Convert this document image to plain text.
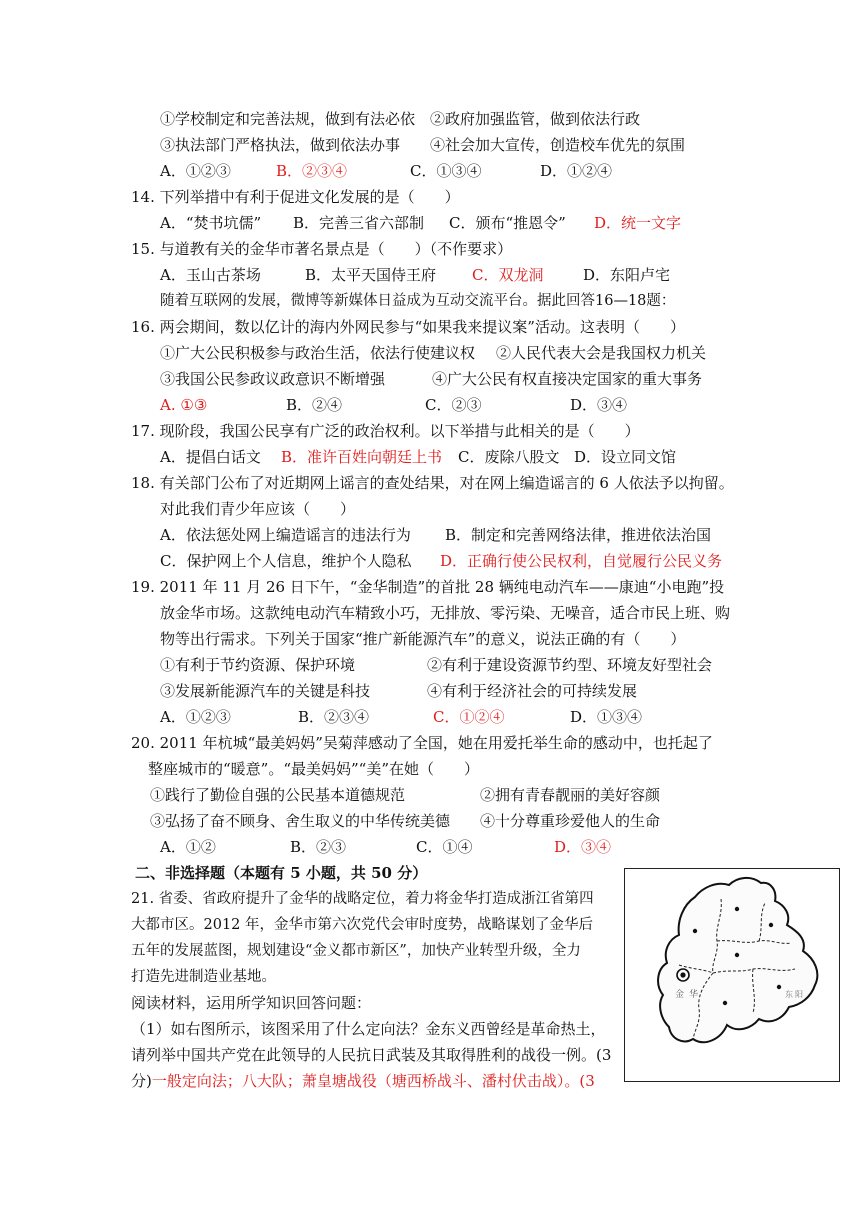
①学校制定和完善法规，做到有法必依 ②政府加强监管，做到依法行政
③执法部门严格执法，做到依法办事 ④社会加大宣传，创造校车优先的氛围
A．①②③	B．②③④	C．①③④	D．①②④
14. 下列举措中有利于促进文化发展的是（　　）
A．“焚书坑儒” B．完善三省六部制 C．颁布“推恩令” D．统一文字
15. 与道教有关的金华市著名景点是（　　）（不作要求）
A．玉山古茶场	B．太平天国侍王府 C．双龙洞	D．东阳卢宅
随着互联网的发展，微博等新媒体日益成为互动交流平台。据此回答16—18题：
16. 两会期间，数以亿计的海内外网民参与“如果我来提议案”活动。这表明（　　）
①广大公民积极参与政治生活，依法行使建议权 ②人民代表大会是我国权力机关
③我国公民参政议政意识不断增强	④广大公民有权直接决定国家的重大事务
A. ①③	B．②④	C．②③	D．③④
17. 现阶段，我国公民享有广泛的政治权利。以下举措与此相关的是（　　）
A．提倡白话文 B．准许百姓向朝廷上书 C．废除八股文 D．设立同文馆
18. 有关部门公布了对近期网上谣言的查处结果，对在网上编造谣言的 6 人依法予以拘留。
对此我们青少年应该（　　）
A．依法惩处网上编造谣言的违法行为 B．制定和完善网络法律，推进依法治国
C．保护网上个人信息，维护个人隐私 D．正确行使公民权利，自觉履行公民义务
19. 2011 年 11 月 26 日下午，“金华制造”的首批 28 辆纯电动汽车——康迪“小电跑”投
放金华市场。这款纯电动汽车精致小巧，无排放、零污染、无噪音，适合市民上班、购
物等出行需求。下列关于国家“推广新能源汽车”的意义，说法正确的有（　　）
①有利于节约资源、保护环境	②有利于建设资源节约型、环境友好型社会
③发展新能源汽车的关键是科技	④有利于经济社会的可持续发展
A．①②③	B．②③④	C．①②④	D．①③④
20. 2011 年杭城“最美妈妈”吴菊萍感动了全国，她在用爱托举生命的感动中，也托起了
整座城市的“暖意”。“最美妈妈”“美”在她（　　）
①践行了勤俭自强的公民基本道德规范	②拥有青春靓丽的美好容颜
③弘扬了奋不顾身、舍生取义的中华传统美德 ④十分尊重珍爱他人的生命
A．①②	B．②③	C．①④	D．③④
二、非选择题（本题有 5 小题，共 50 分）
21. 省委、省政府提升了金华的战略定位，着力将金华打造成浙江省第四
大都市区。2012 年，金华市第六次党代会审时度势，战略谋划了金华后
五年的发展蓝图，规划建设“金义都市新区”，加快产业转型升级，全力
打造先进制造业基地。
阅读材料，运用所学知识回答问题：
（1）如右图所示，该图采用了什么定向法？金东义西曾经是革命热土，
请列举中国共产党在此领导的人民抗日武装及其取得胜利的战役一例。(3
分)一般定向法；八大队；萧皇塘战役（塘西桥战斗、潘村伏击战）。(3
金 华	东 阳
